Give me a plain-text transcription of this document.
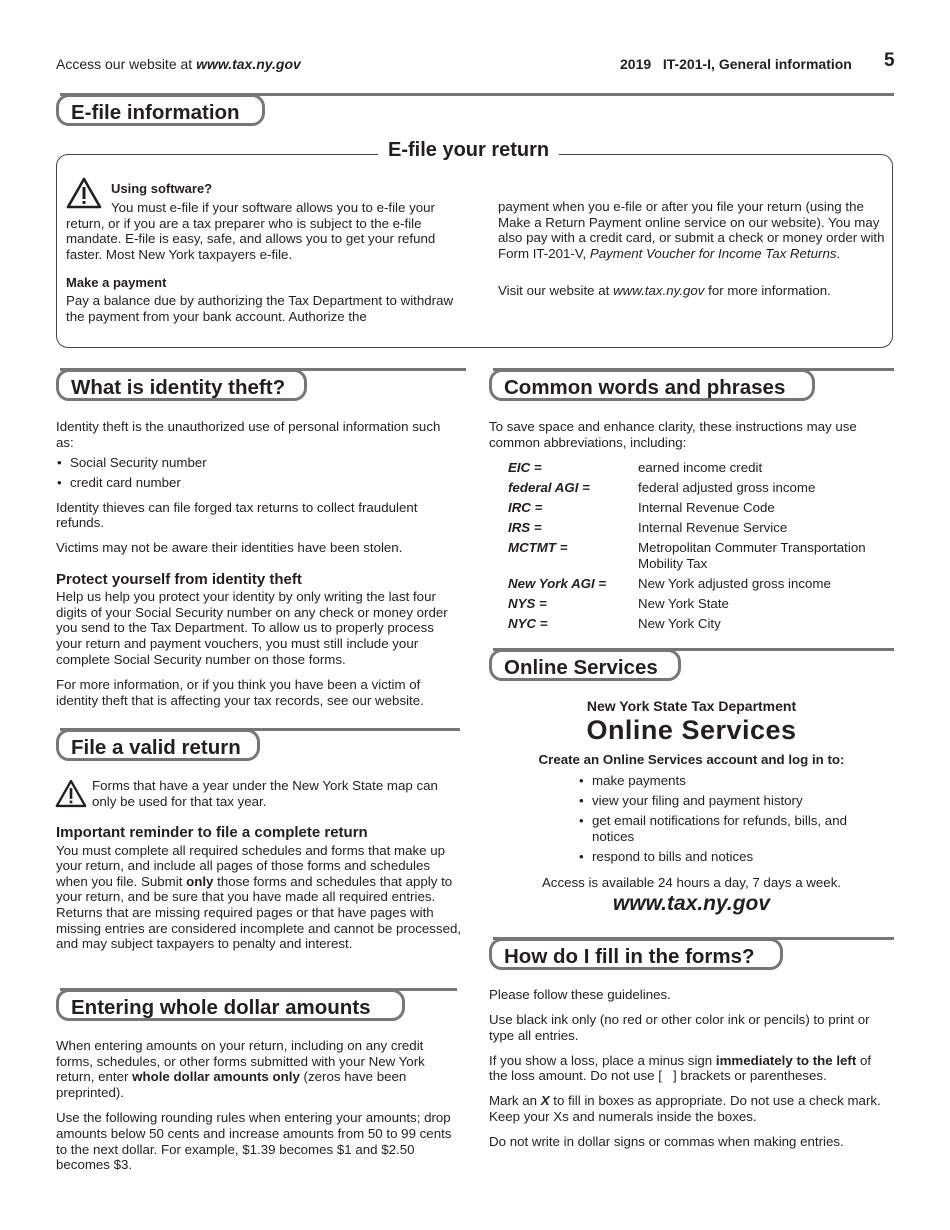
Access our website at www.tax.ny.gov	2019   IT-201-I, General information 5
E-file information
E-file your return
Using software?

You must e-file if your software allows you to e-file your return, or if you are a tax preparer who is subject to the e-file mandate. E-file is easy, safe, and allows you to get your refund faster. Most New York taxpayers e-file.

Make a payment

Pay a balance due by authorizing the Tax Department to withdraw the payment from your bank account. Authorize the

payment when you e-file or after you file your return (using the Make a Return Payment online service on our website). You may also pay with a credit card, or submit a check or money order with Form IT-201-V, Payment Voucher for Income Tax Returns.

Visit our website at www.tax.ny.gov for more information.

What is identity theft?

Identity theft is the unauthorized use of personal information such as:

• Social Security number

• credit card number

Identity thieves can file forged tax returns to collect fraudulent refunds.

Victims may not be aware their identities have been stolen.

Protect yourself from identity theft

Help us help you protect your identity by only writing the last four digits of your Social Security number on any check or money order you send to the Tax Department. To allow us to properly process your return and payment vouchers, you must still include your complete Social Security number on those forms.

For more information, or if you think you have been a victim of identity theft that is affecting your tax records, see our website.

File a valid return

Forms that have a year under the New York State map can only be used for that tax year.

Important reminder to file a complete return

You must complete all required schedules and forms that make up your return, and include all pages of those forms and schedules when you file. Submit only those forms and schedules that apply to your return, and be sure that you have made all required entries. Returns that are missing required pages or that have pages with missing entries are considered incomplete and cannot be processed, and may subject taxpayers to penalty and interest.

Entering whole dollar amounts

When entering amounts on your return, including on any credit forms, schedules, or other forms submitted with your New York return, enter whole dollar amounts only (zeros have been preprinted).

Use the following rounding rules when entering your amounts; drop amounts below 50 cents and increase amounts from 50 to 99 cents to the next dollar. For example, $1.39 becomes $1 and $2.50 becomes $3.

Common words and phrases

To save space and enhance clarity, these instructions may use common abbreviations, including:

EIC =	earned income credit
federal AGI =	federal adjusted gross income
IRC =	Internal Revenue Code
IRS =	Internal Revenue Service
MCTMT =	Metropolitan Commuter Transportation Mobility Tax
New York AGI =	New York adjusted gross income
NYS =	New York State
NYC =	New York City
Online Services
New York State Tax Department
Online Services
Create an Online Services account and log in to:

• make payments

• view your filing and payment history

• get email notifications for refunds, bills, and notices

• respond to bills and notices

Access is available 24 hours a day, 7 days a week.
www.tax.ny.gov
How do I fill in the forms?

Please follow these guidelines.

Use black ink only (no red or other color ink or pencils) to print or type all entries.

If you show a loss, place a minus sign immediately to the left of the loss amount. Do not use [   ] brackets or parentheses.

Mark an X to fill in boxes as appropriate. Do not use a check mark. Keep your Xs and numerals inside the boxes.

Do not write in dollar signs or commas when making entries.
